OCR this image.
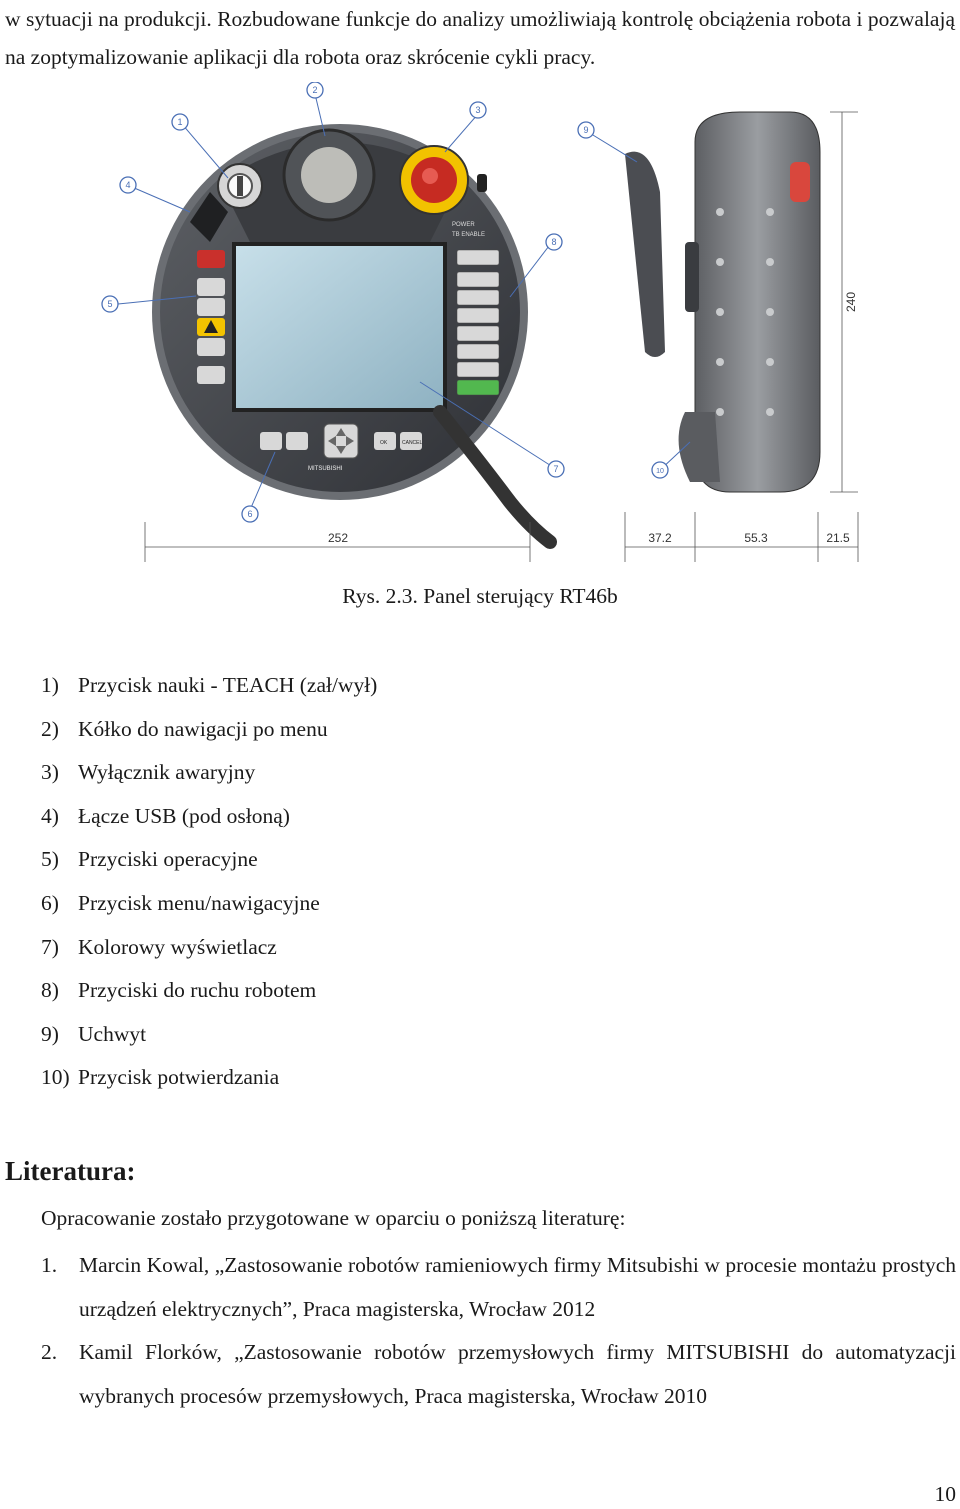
w sytuacji na produkcji. Rozbudowane funkcje do analizy umożliwiają kontrolę obciążenia robota i pozwalają na zoptymalizowanie aplikacji dla robota oraz skrócenie cykli pracy.
POWER
TB ENABLE
OK	CANCEL
MITSUBISHI
1
2
3
4
5
6
7
8
9
10
252	37.2	55.3	21.5
240
Rys. 2.3. Panel sterujący RT46b
1) Przycisk nauki - TEACH (zał/wył)
2) Kółko do nawigacji po menu
3) Wyłącznik awaryjny
4) Łącze USB (pod osłoną)
5) Przyciski operacyjne
6) Przycisk menu/nawigacyjne
7) Kolorowy wyświetlacz
8) Przyciski do ruchu robotem
9) Uchwyt
10) Przycisk potwierdzania
Literatura:
Opracowanie zostało przygotowane w oparciu o poniższą literaturę:
1. Marcin Kowal, „Zastosowanie robotów ramieniowych firmy Mitsubishi w procesie montażu prostych urządzeń elektrycznych”, Praca magisterska, Wrocław 2012
2. Kamil Florków, „Zastosowanie robotów przemysłowych firmy MITSUBISHI do automatyzacji wybranych procesów przemysłowych, Praca magisterska, Wrocław 2010
10
